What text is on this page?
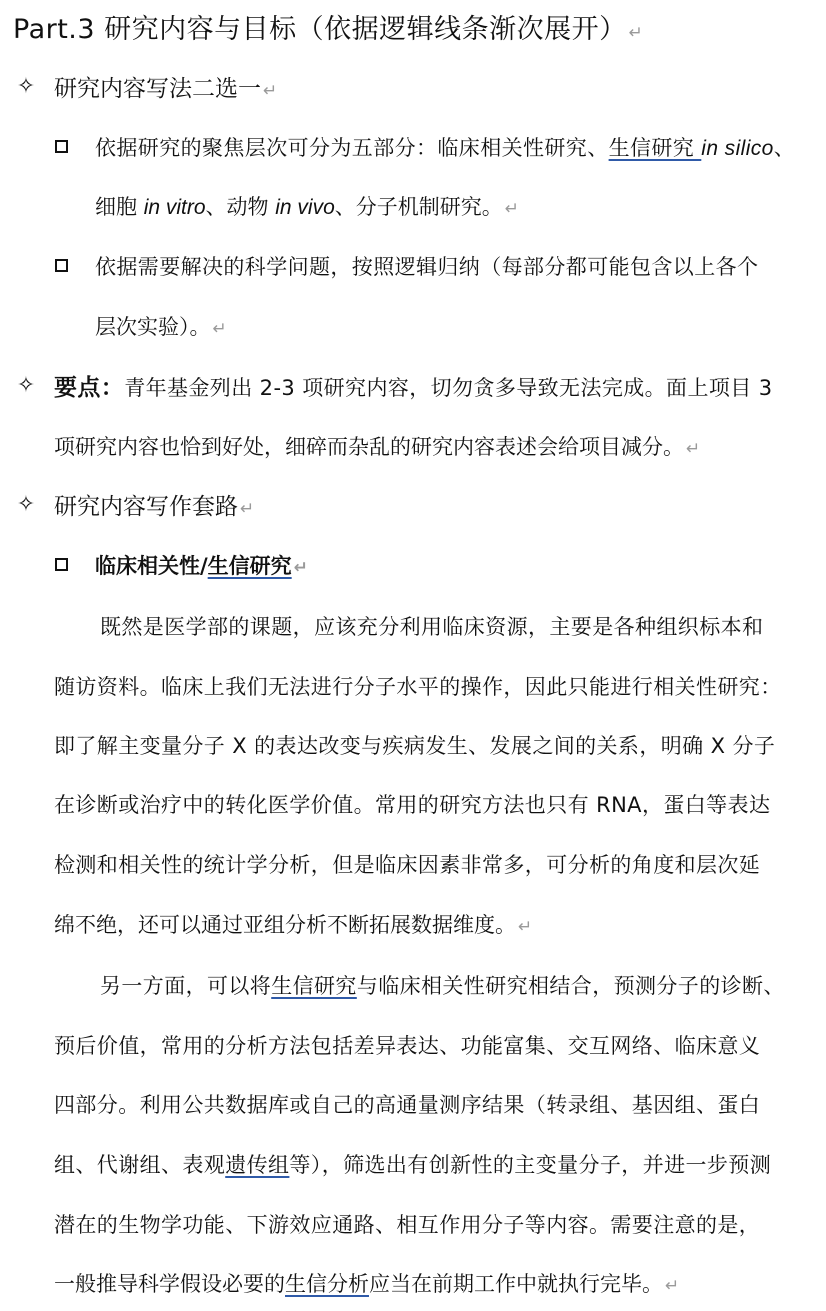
Part.3 研究内容与目标（依据逻辑线条渐次展开） ↵
✧ 研究内容写法二选一 ↵
依据研究的聚焦层次可分为五部分：临床相关性研究、生信研究 in silico、
细胞 in vitro、动物 in vivo、分子机制研究。 ↵
依据需要解决的科学问题，按照逻辑归纳（每部分都可能包含以上各个
层次实验）。 ↵
✧ 要点：青年基金列出 2-3 项研究内容，切勿贪多导致无法完成。面上项目 3
项研究内容也恰到好处，细碎而杂乱的研究内容表述会给项目减分。 ↵
✧ 研究内容写作套路 ↵
临床相关性/生信研究 ↵
既然是医学部的课题，应该充分利用临床资源，主要是各种组织标本和
随访资料。临床上我们无法进行分子水平的操作，因此只能进行相关性研究：
即了解主变量分子 X 的表达改变与疾病发生、发展之间的关系，明确 X 分子
在诊断或治疗中的转化医学价值。常用的研究方法也只有 RNA，蛋白等表达
检测和相关性的统计学分析，但是临床因素非常多，可分析的角度和层次延
绵不绝，还可以通过亚组分析不断拓展数据维度。 ↵
另一方面，可以将生信研究与临床相关性研究相结合，预测分子的诊断、
预后价值，常用的分析方法包括差异表达、功能富集、交互网络、临床意义
四部分。利用公共数据库或自己的高通量测序结果（转录组、基因组、蛋白
组、代谢组、表观遗传组等），筛选出有创新性的主变量分子，并进一步预测
潜在的生物学功能、下游效应通路、相互作用分子等内容。需要注意的是，
一般推导科学假设必要的生信分析应当在前期工作中就执行完毕。 ↵
